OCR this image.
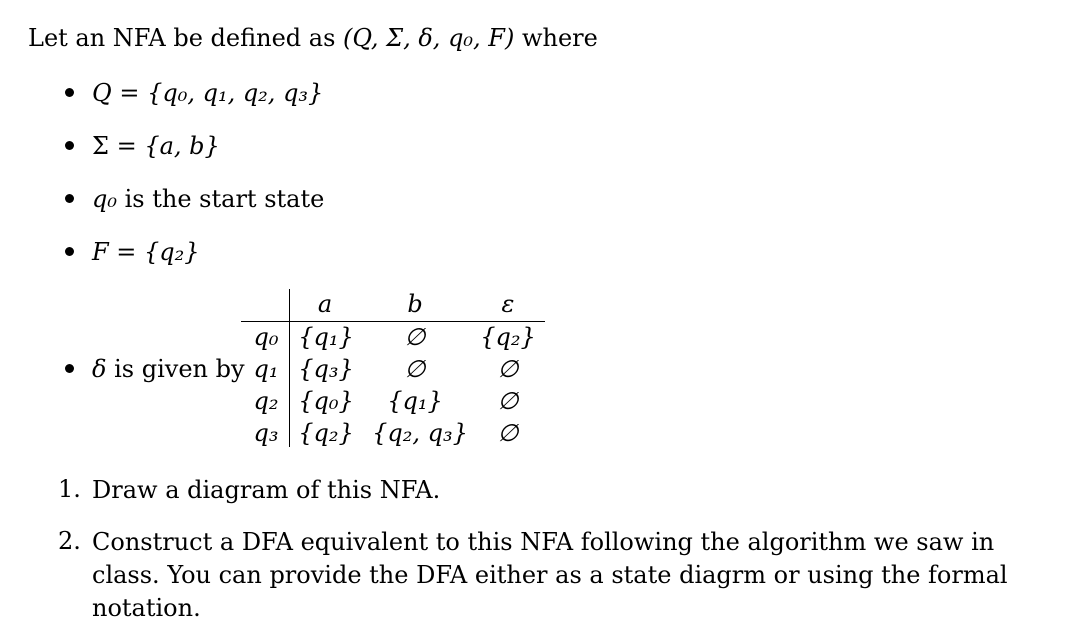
Let an NFA be defined as (Q, Σ, δ, q₀, F) where
Q = {q₀, q₁, q₂, q₃}
Σ = {a, b}
q₀ is the start state
F = {q₂}
δ is given by
a	b	ε
q₀ {q₁}	∅	{q₂}
q₁ {q₃}	∅	∅
q₂ {q₀}	{q₁}	∅
q₃ {q₂} {q₂, q₃}	∅
1. Draw a diagram of this NFA.
2. Construct a DFA equivalent to this NFA following the algorithm we saw in class. You can provide the DFA either as a state diagrm or using the formal notation.
